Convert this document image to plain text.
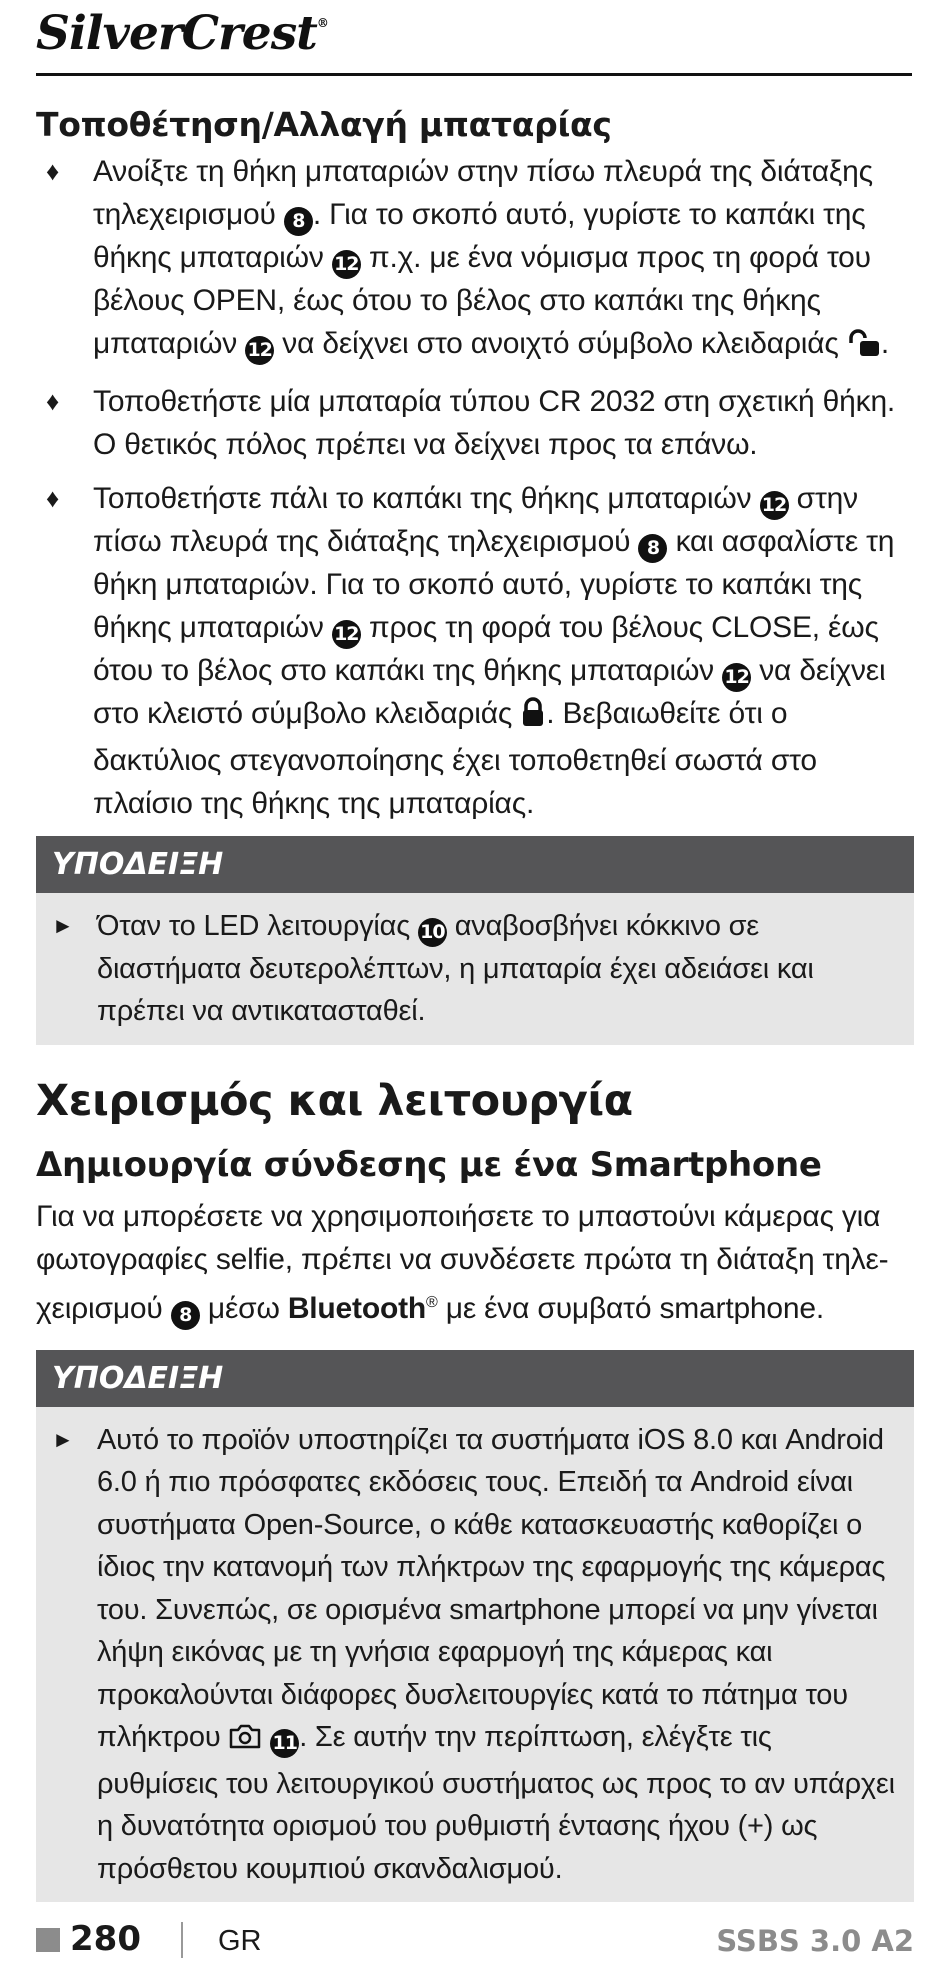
SilverCrest®
Τοποθέτηση/Αλλαγή μπαταρίας
♦ Ανοίξτε τη θήκη μπαταριών στην πίσω πλευρά της διάταξης τηλεχειρισμού 8 . Για το σκοπό αυτό, γυρίστε το καπάκι της θήκης μπαταριών 12 π.χ. με ένα νόμισμα προς τη φορά του βέλους OPEN, έως ότου το βέλος στο καπάκι της θήκης μπαταριών 12 να δείχνει στο ανοιχτό σύμβολο κλειδαριάς .
♦ Τοποθετήστε μία μπαταρία τύπου CR 2032 στη σχετική θήκη. Ο θετικός πόλος πρέπει να δείχνει προς τα επάνω.
♦ Τοποθετήστε πάλι το καπάκι της θήκης μπαταριών 12 στην πίσω πλευρά της διάταξης τηλεχειρισμού 8 και ασφαλίστε τη θήκη μπαταριών. Για το σκοπό αυτό, γυρίστε το καπάκι της θήκης μπαταριών 12 προς τη φορά του βέλους CLOSE, έως ότου το βέλος στο καπάκι της θήκης μπαταριών 12 να δείχνει στο κλειστό σύμβολο κλειδαριάς . Βεβαιωθείτε ότι ο δακτύλιος στεγανοποίησης έχει τοποθετηθεί σωστά στο πλαίσιο της θήκης της μπαταρίας.
ΥΠΟΔΕΙΞΗ

► Όταν το LED λειτουργίας 10 αναβοσβήνει κόκκινο σε διαστήματα δευτερολέπτων, η μπαταρία έχει αδειάσει και πρέπει να αντικατασταθεί.

Χειρισμός και λειτουργία
Δημιουργία σύνδεσης με ένα Smartphone

Για να μπορέσετε να χρησιμοποιήσετε το μπαστούνι κάμερας για φωτογραφίες selfie, πρέπει να συνδέσετε πρώτα τη διάταξη τηλεχειρισμού 8 μέσω Bluetooth® με ένα συμβατό smartphone.

ΥΠΟΔΕΙΞΗ

► Αυτό το προϊόν υποστηρίζει τα συστήματα iOS 8.0 και Android 6.0 ή πιο πρόσφατες εκδόσεις τους. Επειδή τα Android είναι συστήματα Open-Source, ο κάθε κατασκευαστής καθορίζει ο ίδιος την κατανομή των πλήκτρων της εφαρμογής της κάμερας του. Συνεπώς, σε ορισμένα smartphone μπορεί να μην γίνεται λήψη εικόνας με τη γνήσια εφαρμογή της κάμερας και προκαλούνται διάφορες δυσλειτουργίες κατά το πάτημα του πλήκτρου  11. Σε αυτήν την περίπτωση, ελέγξτε τις ρυθμίσεις του λειτουργικού συστήματος ως προς το αν υπάρχει η δυνατότητα ορισμού του ρυθμιστή έντασης ήχου (+) ως πρόσθετου κουμπιού σκανδαλισμού.

280	GR	SSBS 3.0 A2
